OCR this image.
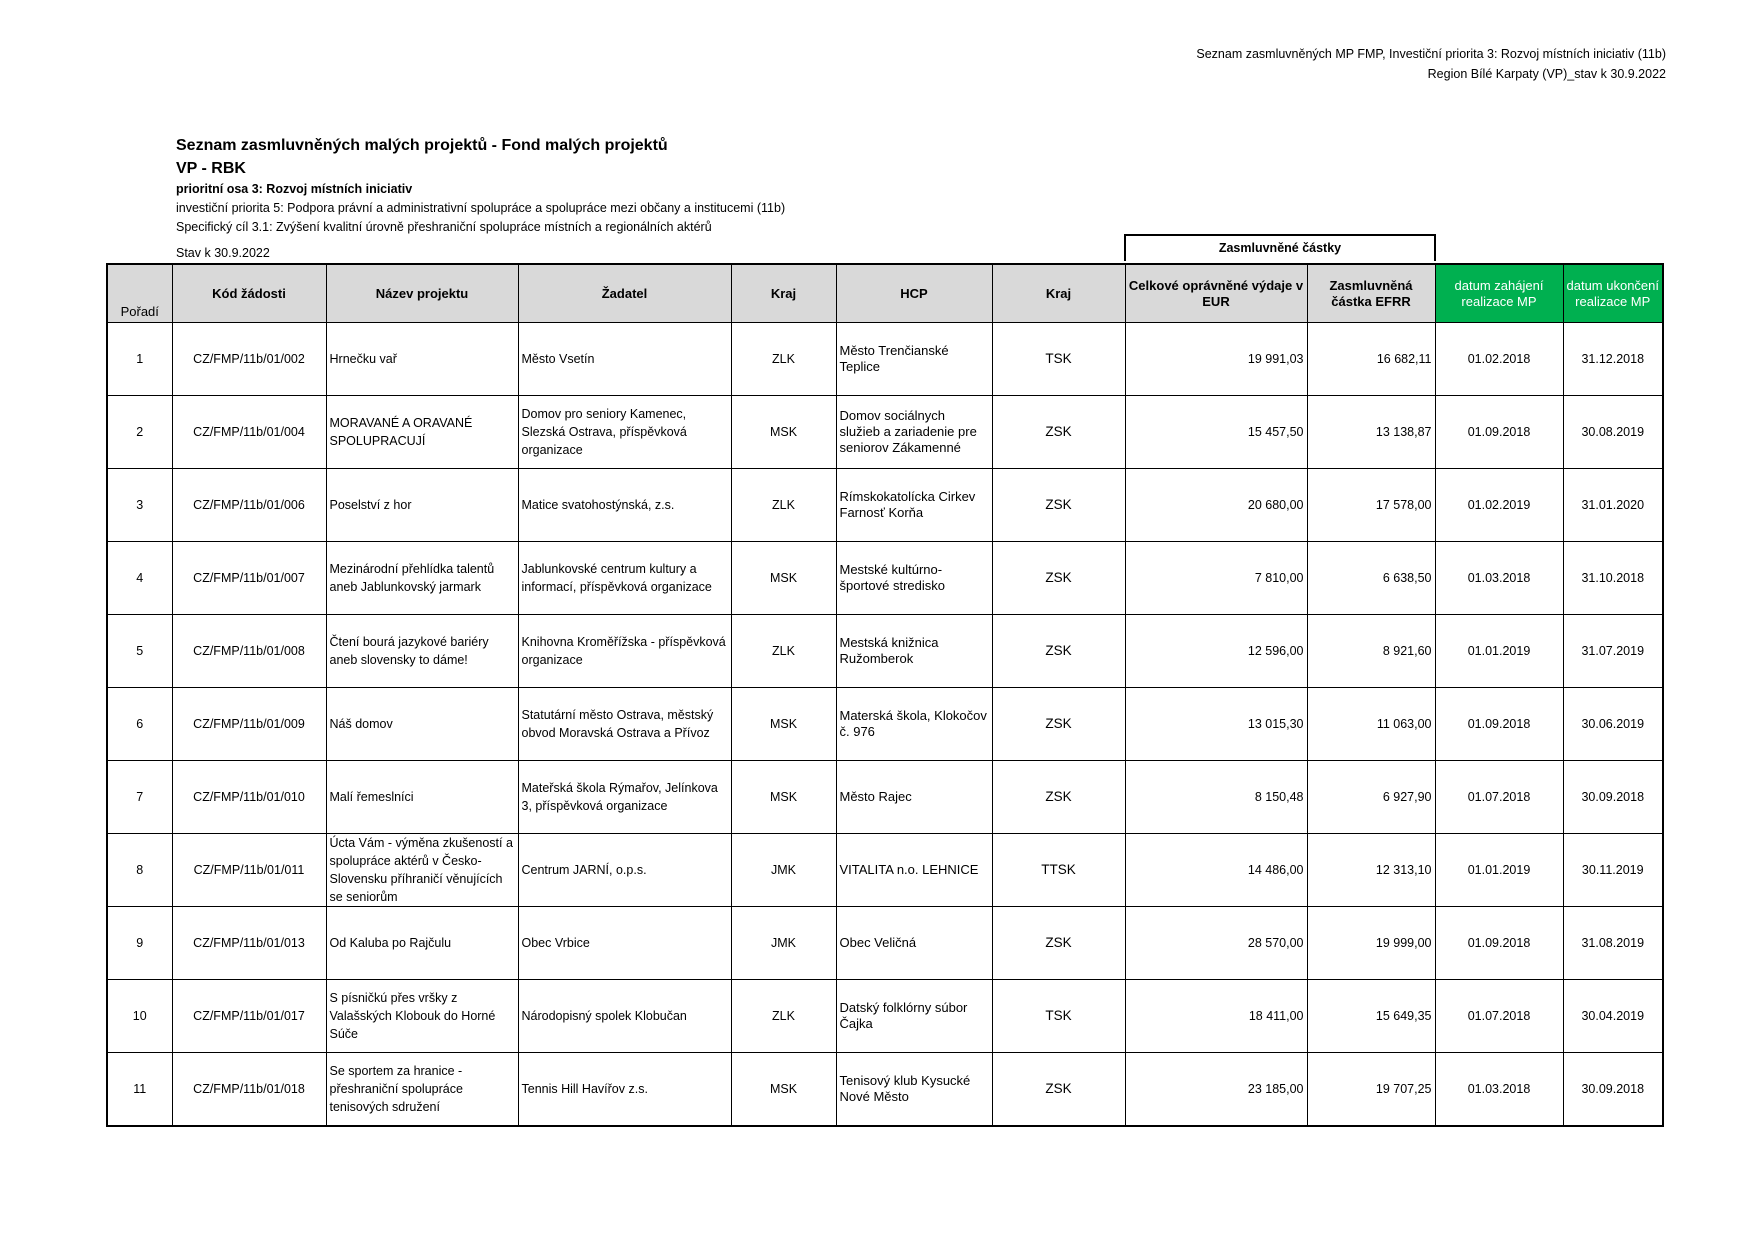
Seznam zasmluvněných MP FMP, Investiční priorita 3: Rozvoj místních iniciativ (11b)
Region Bílé Karpaty (VP)_stav k 30.9.2022
Seznam zasmluvněných malých projektů - Fond malých projektů
VP - RBK
prioritní osa 3: Rozvoj místních iniciativ
investiční priorita 5: Podpora právní a administrativní spolupráce a spolupráce mezi občany a institucemi (11b)
Specifický cíl 3.1: Zvýšení kvalitní úrovně přeshraniční spolupráce místních a regionálních aktérů
Stav k 30.9.2022	Zasmluvněné částky
Pořadí	Kód žádosti	Název projektu	Žadatel	Kraj	HCP	Kraj	Celkové oprávněné výdaje v EUR	Zasmluvněná částka EFRR	datum zahájení realizace MP	datum ukončení realizace MP
1	CZ/FMP/11b/01/002	Hrnečku vař	Město Vsetín	ZLK	Město Trenčianské Teplice	TSK	19 991,03	16 682,11	01.02.2018	31.12.2018
2	CZ/FMP/11b/01/004	MORAVANÉ A ORAVANÉ SPOLUPRACUJÍ	Domov pro seniory Kamenec, Slezská Ostrava, příspěvková organizace	MSK	Domov sociálnych služieb a zariadenie pre seniorov Zákamenné	ZSK	15 457,50	13 138,87	01.09.2018	30.08.2019
3	CZ/FMP/11b/01/006	Poselství z hor	Matice svatohostýnská, z.s.	ZLK	Rímskokatolícka Cirkev Farnosť Korňa	ZSK	20 680,00	17 578,00	01.02.2019	31.01.2020
4	CZ/FMP/11b/01/007	Mezinárodní přehlídka talentů aneb Jablunkovský jarmark	Jablunkovské centrum kultury a informací, příspěvková organizace	MSK	Mestské kultúrno-športové stredisko	ZSK	7 810,00	6 638,50	01.03.2018	31.10.2018
5	CZ/FMP/11b/01/008	Čtení bourá jazykové bariéry aneb slovensky to dáme!	Knihovna Kroměřížska - příspěvková organizace	ZLK	Mestská knižnica Ružomberok	ZSK	12 596,00	8 921,60	01.01.2019	31.07.2019
6	CZ/FMP/11b/01/009	Náš domov	Statutární město Ostrava, městský obvod Moravská Ostrava a Přívoz	MSK	Materská škola, Klokočov č. 976	ZSK	13 015,30	11 063,00	01.09.2018	30.06.2019
7	CZ/FMP/11b/01/010	Malí řemeslníci	Mateřská škola Rýmařov, Jelínkova 3, příspěvková organizace	MSK	Město Rajec	ZSK	8 150,48	6 927,90	01.07.2018	30.09.2018
8	CZ/FMP/11b/01/011	Úcta Vám - výměna zkušeností a spolupráce aktérů v Česko-Slovensku příhraničí věnujících se seniorům	Centrum JARNÍ, o.p.s.	JMK	VITALITA n.o. LEHNICE	TTSK	14 486,00	12 313,10	01.01.2019	30.11.2019
9	CZ/FMP/11b/01/013	Od Kaluba po Rajčulu	Obec Vrbice	JMK	Obec Veličná	ZSK	28 570,00	19 999,00	01.09.2018	31.08.2019
10	CZ/FMP/11b/01/017	S písničkú přes vršky z Valašských Klobouk do Horné Súče	Národopisný spolek Klobučan	ZLK	Datský folklórny súbor Čajka	TSK	18 411,00	15 649,35	01.07.2018	30.04.2019
11	CZ/FMP/11b/01/018	Se sportem za hranice - přeshraniční spolupráce tenisových sdružení	Tennis Hill Havířov z.s.	MSK	Tenisový klub Kysucké Nové Město	ZSK	23 185,00	19 707,25	01.03.2018	30.09.2018
